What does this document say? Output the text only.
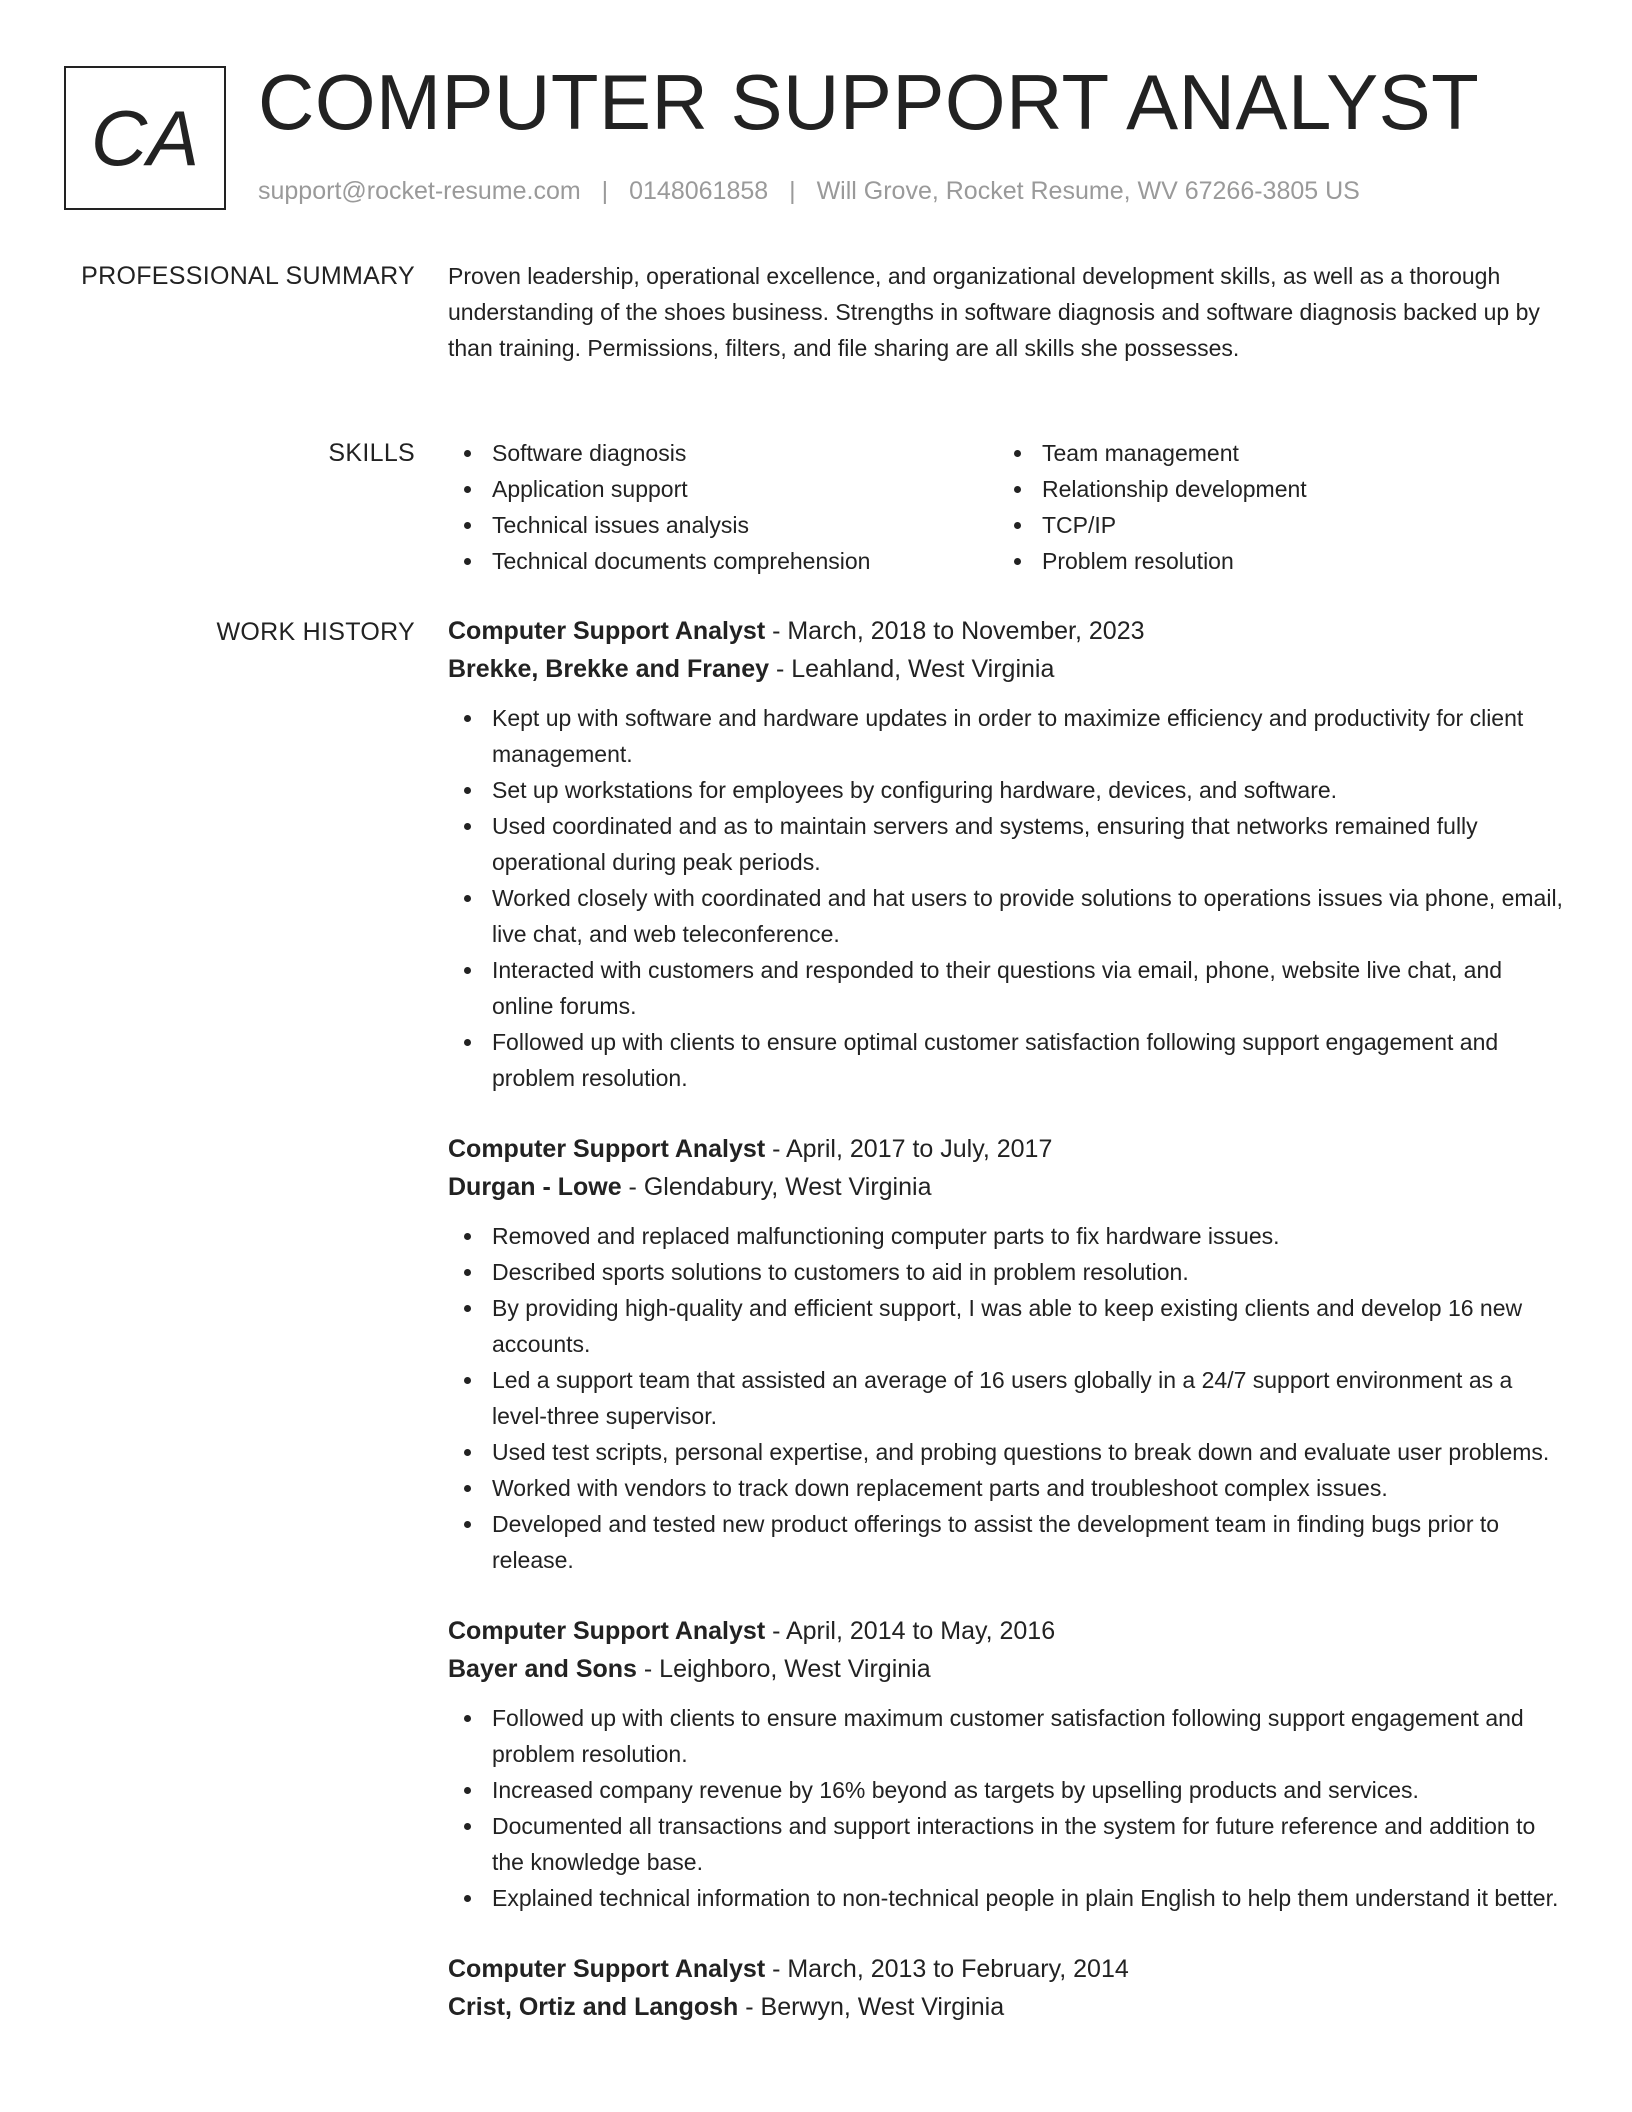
CA COMPUTER SUPPORT ANALYST
support@rocket-resume.com | 0148061858 | Will Grove, Rocket Resume, WV 67266-3805 US
PROFESSIONAL SUMMARY Proven leadership, operational excellence, and organizational development skills, as well as a thorough understanding of the shoes business. Strengths in software diagnosis and software diagnosis backed up by than training. Permissions, filters, and file sharing are all skills she possesses.

SKILLS	Software diagnosis
Application support
Technical issues analysis
Technical documents comprehension
Team management
Relationship development
TCP/IP
Problem resolution
WORK HISTORY Computer Support Analyst - March, 2018 to November, 2023
Brekke, Brekke and Franey - Leahland, West Virginia
Kept up with software and hardware updates in order to maximize efficiency and productivity for client management.
Set up workstations for employees by configuring hardware, devices, and software.
Used coordinated and as to maintain servers and systems, ensuring that networks remained fully operational during peak periods.
Worked closely with coordinated and hat users to provide solutions to operations issues via phone, email, live chat, and web teleconference.
Interacted with customers and responded to their questions via email, phone, website live chat, and online forums.
Followed up with clients to ensure optimal customer satisfaction following support engagement and problem resolution.
Computer Support Analyst - April, 2017 to July, 2017
Durgan - Lowe - Glendabury, West Virginia
Removed and replaced malfunctioning computer parts to fix hardware issues.
Described sports solutions to customers to aid in problem resolution.
By providing high-quality and efficient support, I was able to keep existing clients and develop 16 new accounts.
Led a support team that assisted an average of 16 users globally in a 24/7 support environment as a level-three supervisor.
Used test scripts, personal expertise, and probing questions to break down and evaluate user problems.
Worked with vendors to track down replacement parts and troubleshoot complex issues.
Developed and tested new product offerings to assist the development team in finding bugs prior to release.
Computer Support Analyst - April, 2014 to May, 2016
Bayer and Sons - Leighboro, West Virginia
Followed up with clients to ensure maximum customer satisfaction following support engagement and problem resolution.
Increased company revenue by 16% beyond as targets by upselling products and services.
Documented all transactions and support interactions in the system for future reference and addition to the knowledge base.
Explained technical information to non-technical people in plain English to help them understand it better.
Computer Support Analyst - March, 2013 to February, 2014
Crist, Ortiz and Langosh - Berwyn, West Virginia
